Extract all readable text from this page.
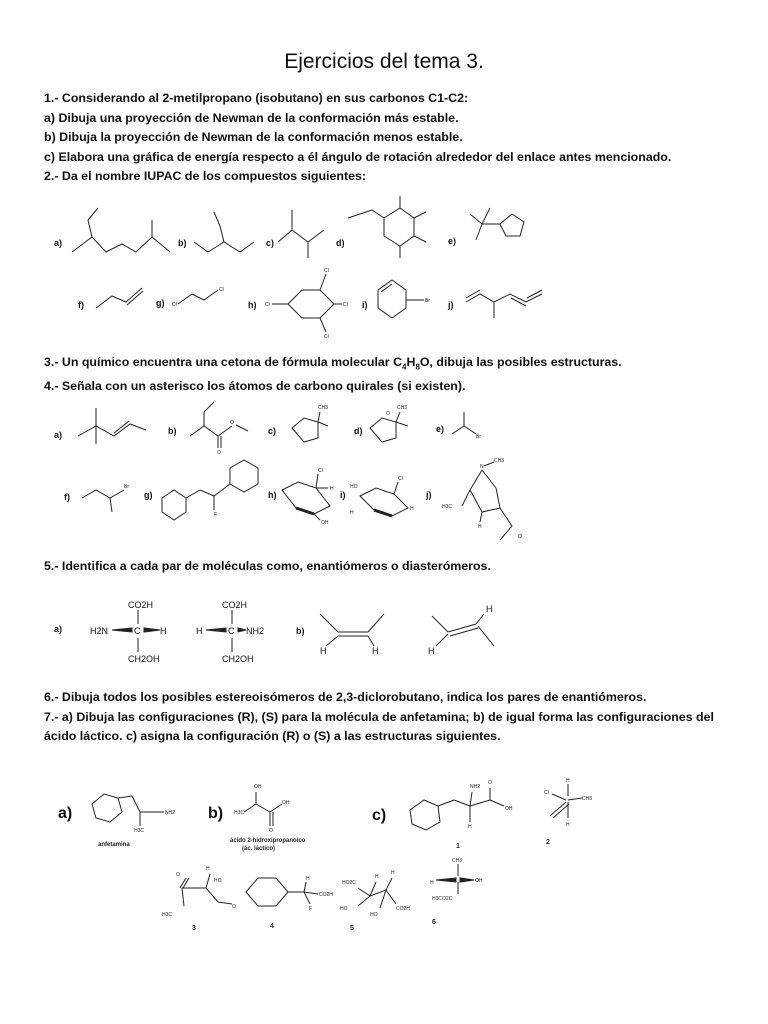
Ejercicios del tema 3.
1.- Considerando al 2-metilpropano (isobutano) en sus carbonos C1-C2:
a) Dibuja una proyección de Newman de la conformación más estable.
b) Dibuja la proyección de Newman de la conformación menos estable.
c) Elabora una gráfica de energía respecto a él ángulo de rotación alrededor del enlace antes mencionado.
2.- Da el nombre IUPAC de los compuestos siguientes:
a)	b)	c)	d)	e)
f)	g) Cl
Cl
h) Cl
Cl
Cl
Cl
i)	Br j)
3.- Un químico encuentra una cetona de fórmula molecular $C_4H_8O$, dibuja las posibles estructuras.
4.- Señala con un asterisco los átomos de carbono quirales (si existen).
a)	b)
O
O
c)
CH3
d)
O
CH3
e)
Br
f)
Br
g)
F
h)
Cl
H
OH
i)
HO
H
Cl
H
j)
N
CH3
H3C
H
O
5.- Identifica a cada par de moléculas como, enantiómeros o diasterómeros.
a)
CO2H
H2N	C H
CH2OH
CO2H
H	C NH2
CH2OH
b)
H	H	H
H
6.- Dibuja todos los posibles estereoisómeros de 2,3-diclorobutano, indica los pares de enantiómeros.
7.- a) Dibuja las configuraciones (R), (S) para la molécula de anfetamina; b) de igual forma las configuraciones del ácido láctico. c) asigna la configuración (R) o (S) a las estructuras siguientes.
a)
H3C
NH2
anfetamina
b) H3C
OH
OH
O
ácido 2-hidroxipropanoico
(ác. láctico)
c)
NH2
H
O
OH
1
H
Cl
CH3
H
2
O
H3C
H
HO
O
3
H
CO2H
F
4
HO2C
HO
H
H
CO2H
HO
5
CH3
H	OH
H3CO2C
6
